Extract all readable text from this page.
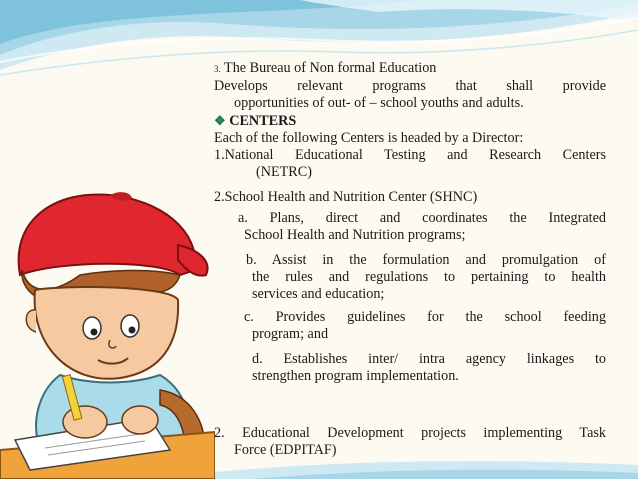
3. The Bureau of Non formal Education

Develops relevant programs that shall provide

opportunities of out- of – school youths and adults.

❖ CENTERS

Each of the following Centers is headed by a Director:

1.National Educational Testing and Research Centers

(NETRC)

2.School Health and Nutrition Center (SHNC)

a. Plans, direct and coordinates the Integrated

School Health and Nutrition programs;

b. Assist in the formulation and promulgation of

the rules and regulations to pertaining to health

services and education;

c. Provides guidelines for the school feeding

program; and

d. Establishes inter/ intra agency linkages to

strengthen program implementation.

2. Educational Development projects implementing Task

Force (EDPITAF)
